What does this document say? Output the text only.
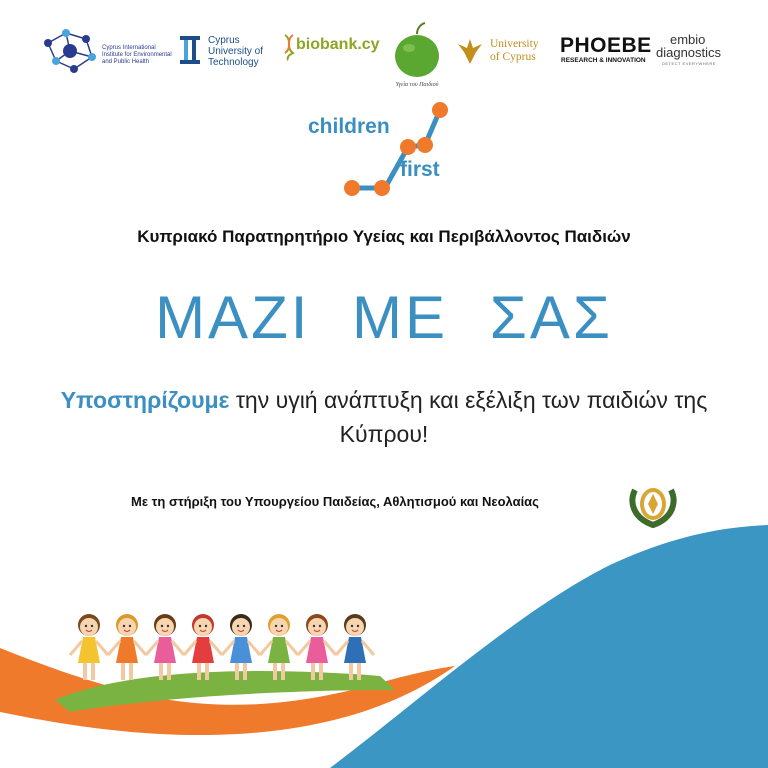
Cyprus International
Institute for Environmental
and Public Health
Cyprus
University of
Technology
biobank.cy
Υγεία του Παιδιού
University
of Cyprus PHOEBE
RESEARCH & INNOVATION
embio
diagnostics
DETECT EVERYWHERE
children
first
Κυπριακό Παρατηρητήριο Υγείας και Περιβάλλοντος Παιδιών
ΜΑΖΙ ΜΕ ΣΑΣ
Υποστηρίζουμε την υγιή ανάπτυξη και εξέλιξη των παιδιών της Κύπρου!
Με τη στήριξη του Υπουργείου Παιδείας, Αθλητισμού και Νεολαίας
